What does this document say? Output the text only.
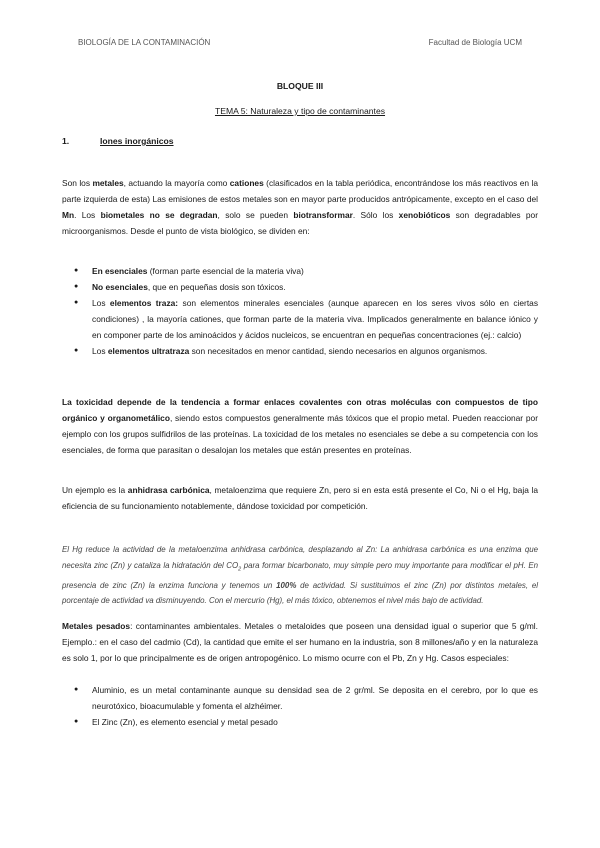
BIOLOGÍA DE LA CONTAMINACIÓN	Facultad de Biología UCM
BLOQUE III
TEMA 5: Naturaleza y tipo de contaminantes
1.	Iones inorgánicos
Son los metales, actuando la mayoría como cationes (clasificados en la tabla periódica, encontrándose los más reactivos en la parte izquierda de esta) Las emisiones de estos metales son en mayor parte producidos antrópicamente, excepto en el caso del Mn. Los biometales no se degradan, solo se pueden biotransformar. Sólo los xenobióticos son degradables por microorganismos. Desde el punto de vista biológico, se dividen en:
● En esenciales (forman parte esencial de la materia viva)
● No esenciales, que en pequeñas dosis son tóxicos.
● Los elementos traza: son elementos minerales esenciales (aunque aparecen en los seres vivos sólo en ciertas condiciones) , la mayoría cationes, que forman parte de la materia viva. Implicados generalmente en balance iónico y en componer parte de los aminoácidos y ácidos nucleicos, se encuentran en pequeñas concentraciones (ej.: calcio)
● Los elementos ultratraza son necesitados en menor cantidad, siendo necesarios en algunos organismos.
La toxicidad depende de la tendencia a formar enlaces covalentes con otras moléculas con compuestos de tipo orgánico y organometálico, siendo estos compuestos generalmente más tóxicos que el propio metal. Pueden reaccionar por ejemplo con los grupos sulfidrilos de las proteínas. La toxicidad de los metales no esenciales se debe a su competencia con los esenciales, de forma que parasitan o desalojan los metales que están presentes en proteínas.
Un ejemplo es la anhidrasa carbónica, metaloenzima que requiere Zn, pero si en esta está presente el Co, Ni o el Hg, baja la eficiencia de su funcionamiento notablemente, dándose toxicidad por competición.
El Hg reduce la actividad de la metaloenzima anhidrasa carbónica, desplazando al Zn: La anhidrasa carbónica es una enzima que necesita zinc (Zn) y cataliza la hidratación del $CO_2$ para formar bicarbonato, muy simple pero muy importante para modificar el pH. En presencia de zinc (Zn) la enzima funciona y tenemos un 100% de actividad. Si sustituimos el zinc (Zn) por distintos metales, el porcentaje de actividad va disminuyendo. Con el mercurio (Hg), el más tóxico, obtenemos el nivel más bajo de actividad.
Metales pesados: contaminantes ambientales. Metales o metaloides que poseen una densidad igual o superior que 5 g/ml. Ejemplo.: en el caso del cadmio (Cd), la cantidad que emite el ser humano en la industria, son 8 millones/año y en la naturaleza es solo 1, por lo que principalmente es de origen antropogénico. Lo mismo ocurre con el Pb, Zn y Hg. Casos especiales:
● Aluminio, es un metal contaminante aunque su densidad sea de 2 gr/ml. Se deposita en el cerebro, por lo que es neurotóxico, bioacumulable y fomenta el alzhéimer.
● El Zinc (Zn), es elemento esencial y metal pesado
